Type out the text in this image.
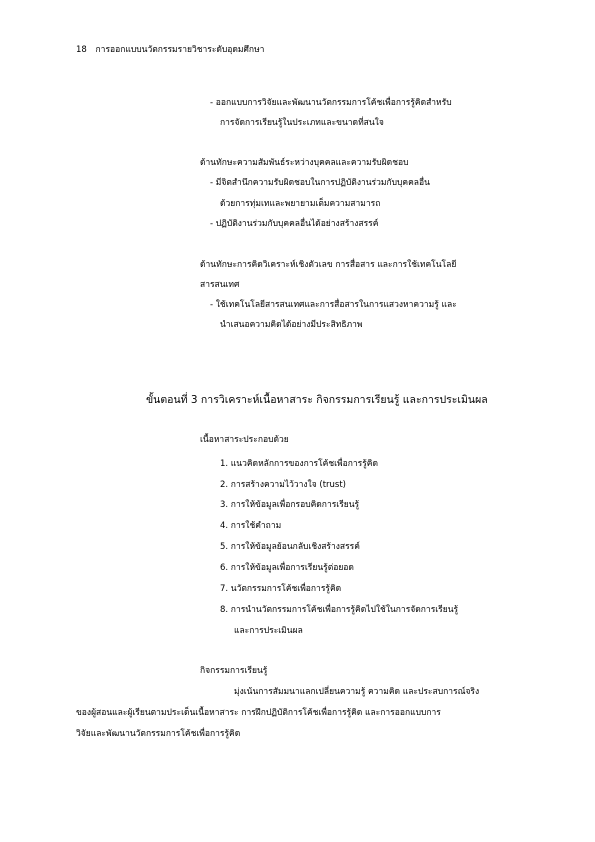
18 การออกแบบนวัตกรรมรายวิชาระดับอุดมศึกษา
- ออกแบบการวิจัยและพัฒนานวัตกรรมการโค้ชเพื่อการรู้คิดสำหรับ
การจัดการเรียนรู้ในประเภทและขนาดที่สนใจ
ด้านทักษะความสัมพันธ์ระหว่างบุคคลและความรับผิดชอบ
- มีจิตสำนึกความรับผิดชอบในการปฏิบัติงานร่วมกับบุคคลอื่น
ด้วยการทุ่มเทและพยายามเต็มความสามารถ
- ปฏิบัติงานร่วมกับบุคคลอื่นได้อย่างสร้างสรรค์
ด้านทักษะการคิดวิเคราะห์เชิงตัวเลข การสื่อสาร และการใช้เทคโนโลยี
สารสนเทศ
- ใช้เทคโนโลยีสารสนเทศและการสื่อสารในการแสวงหาความรู้ และ
นำเสนอความคิดได้อย่างมีประสิทธิภาพ
ขั้นตอนที่ 3 การวิเคราะห์เนื้อหาสาระ กิจกรรมการเรียนรู้ และการประเมินผล
เนื้อหาสาระประกอบด้วย
1. แนวคิดหลักการของการโค้ชเพื่อการรู้คิด
2. การสร้างความไว้วางใจ (trust)
3. การให้ข้อมูลเพื่อกรอบคิดการเรียนรู้
4. การใช้คำถาม
5. การให้ข้อมูลย้อนกลับเชิงสร้างสรรค์
6. การให้ข้อมูลเพื่อการเรียนรู้ต่อยอด
7. นวัตกรรมการโค้ชเพื่อการรู้คิด
8. การนำนวัตกรรมการโค้ชเพื่อการรู้คิดไปใช้ในการจัดการเรียนรู้
และการประเมินผล
กิจกรรมการเรียนรู้
มุ่งเน้นการสัมมนาแลกเปลี่ยนความรู้ ความคิด และประสบการณ์จริง
ของผู้สอนและผู้เรียนตามประเด็นเนื้อหาสาระ การฝึกปฏิบัติการโค้ชเพื่อการรู้คิด และการออกแบบการ
วิจัยและพัฒนานวัตกรรมการโค้ชเพื่อการรู้คิด
